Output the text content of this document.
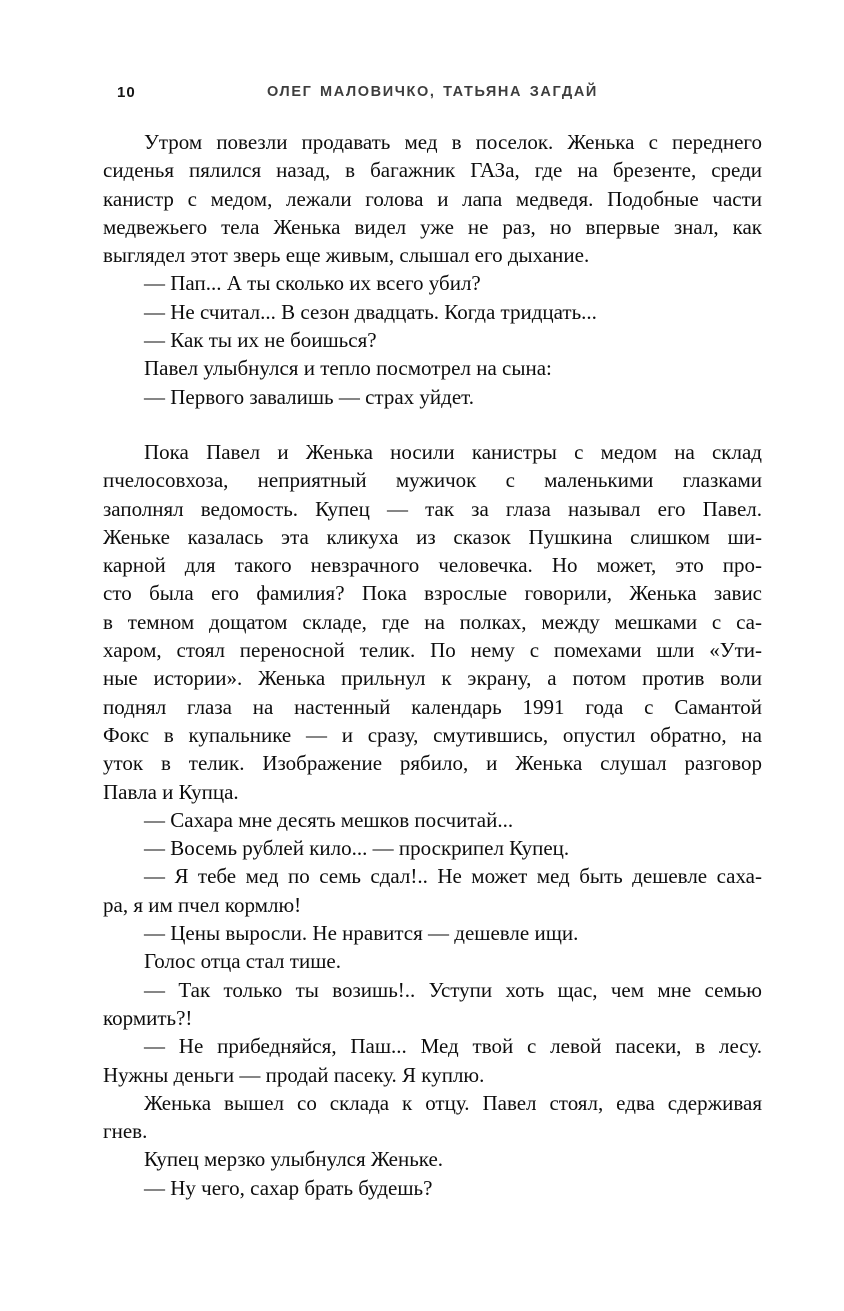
10	ОЛЕГ МАЛОВИЧКО, ТАТЬЯНА ЗАГДАЙ
Утром повезли продавать мед в поселок. Женька с переднего
сиденья пялился назад, в багажник ГАЗа, где на брезенте, среди
канистр с медом, лежали голова и лапа медведя. Подобные части
медвежьего тела Женька видел уже не раз, но впервые знал, как
выглядел этот зверь еще живым, слышал его дыхание.
— Пап... А ты сколько их всего убил?
— Не считал... В сезон двадцать. Когда тридцать...
— Как ты их не боишься?
Павел улыбнулся и тепло посмотрел на сына:
— Первого завалишь — страх уйдет.
Пока Павел и Женька носили канистры с медом на склад
пчелосовхоза, неприятный мужичок с маленькими глазками
заполнял ведомость. Купец — так за глаза называл его Павел.
Женьке казалась эта кликуха из сказок Пушкина слишком ши-
карной для такого невзрачного человечка. Но может, это про-
сто была его фамилия? Пока взрослые говорили, Женька завис
в темном дощатом складе, где на полках, между мешками с са-
харом, стоял переносной телик. По нему с помехами шли «Ути-
ные истории». Женька прильнул к экрану, а потом против воли
поднял глаза на настенный календарь 1991 года с Самантой
Фокс в купальнике — и сразу, смутившись, опустил обратно, на
уток в телик. Изображение рябило, и Женька слушал разговор
Павла и Купца.
— Сахара мне десять мешков посчитай...
— Восемь рублей кило... — проскрипел Купец.
— Я тебе мед по семь сдал!.. Не может мед быть дешевле саха-
ра, я им пчел кормлю!
— Цены выросли. Не нравится — дешевле ищи.
Голос отца стал тише.
— Так только ты возишь!.. Уступи хоть щас, чем мне семью
кормить?!
— Не прибедняйся, Паш... Мед твой с левой пасеки, в лесу.
Нужны деньги — продай пасеку. Я куплю.
Женька вышел со склада к отцу. Павел стоял, едва сдерживая
гнев.
Купец мерзко улыбнулся Женьке.
— Ну чего, сахар брать будешь?
